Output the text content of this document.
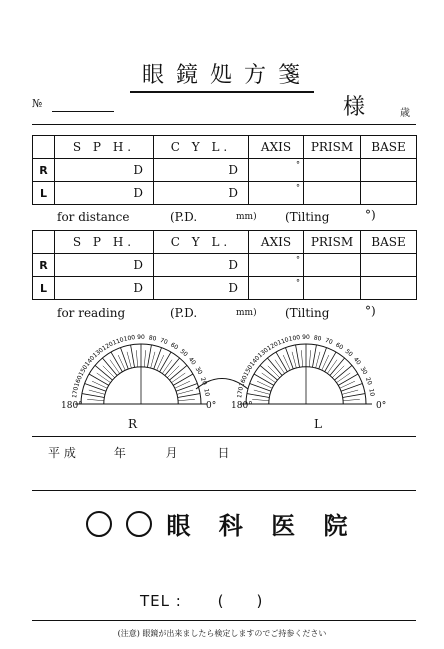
眼鏡処方箋
№	様	歳
	S P H.	C Y L.	AXIS	PRISM	BASE
R	D	D	°		

L	D	D	°		

for distance	(P.D.	mm) (Tilting	°)
	S P H.	C Y L.	AXIS	PRISM	BASE
R	D	D	°		

L	D	D	°		

for reading	(P.D.	mm) (Tilting	°)
10
20
30
40
50
60
70
80
90
100
110
120
130
140
150
160
170	10
20
30
40
50
60
70
80
90
100
110
120
130
140
150
160
170
R	L
180°	0° 180°	0°
平 成	年	月	日
眼 科 医 院
TEL : (　　)
(注意) 眼鏡が出来ましたら検定しますのでご持参ください
